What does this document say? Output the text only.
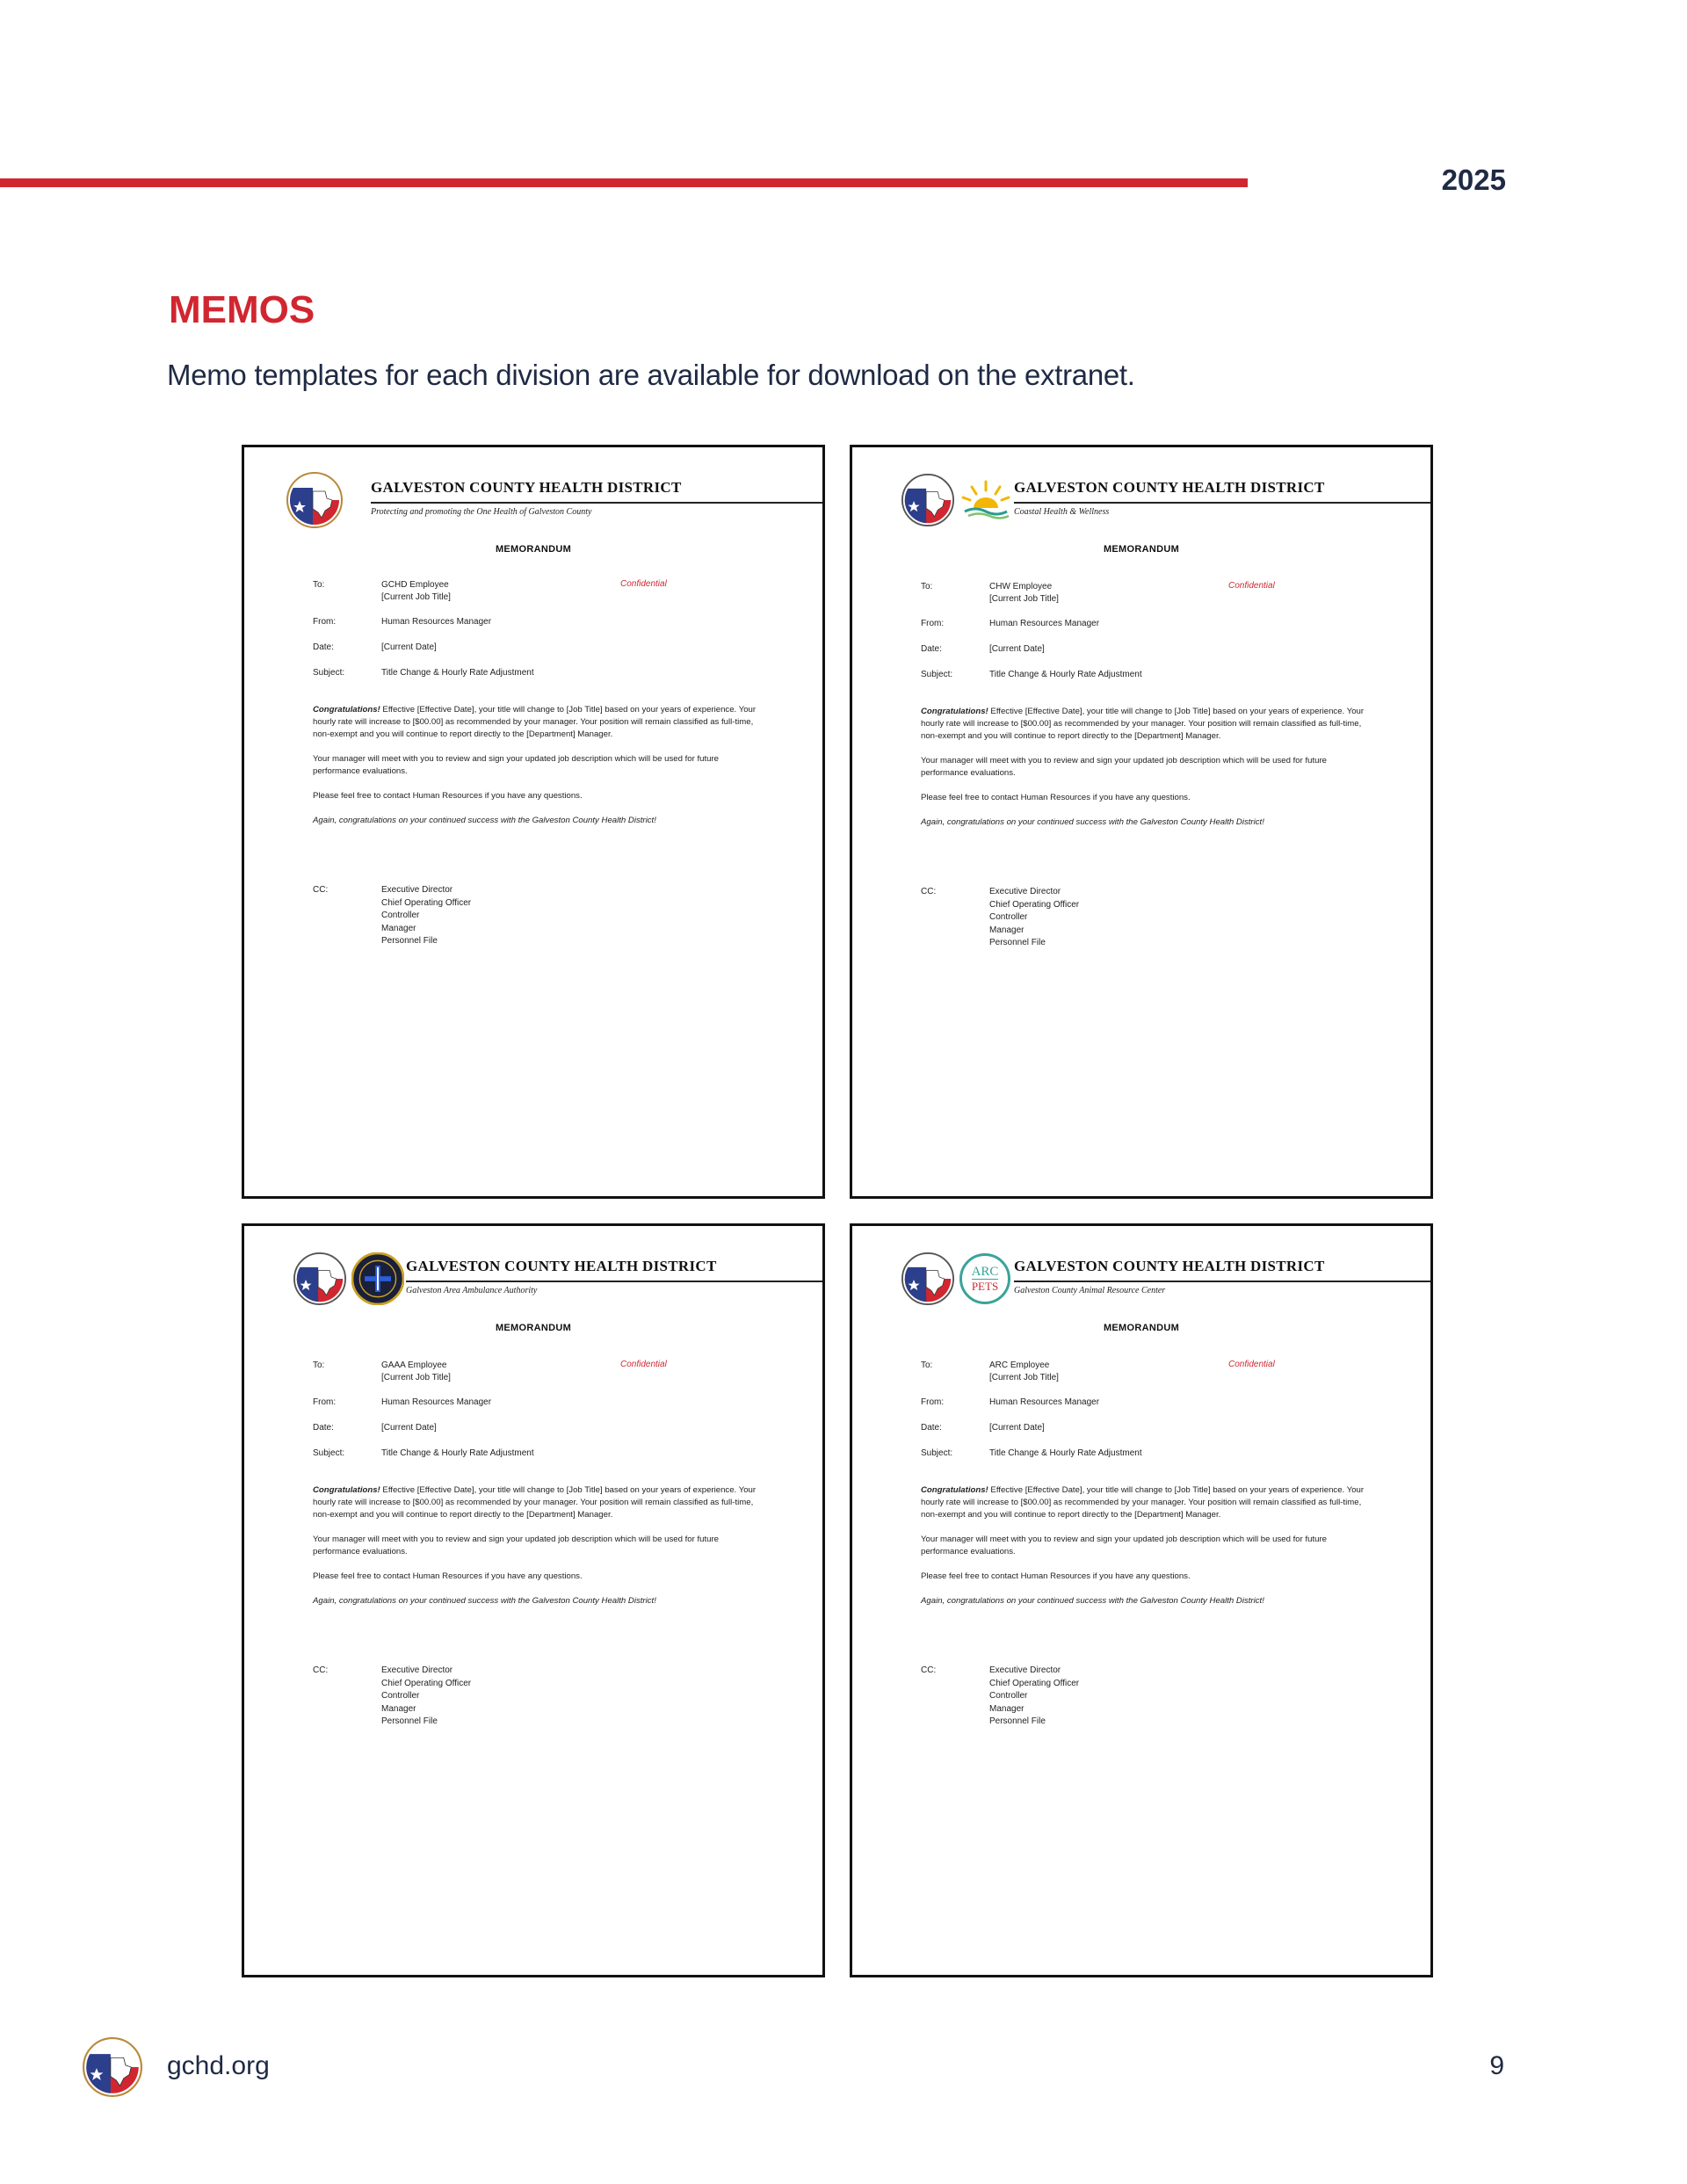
2025
MEMOS

Memo templates for each division are available for download on the extranet.

GALVESTON COUNTY HEALTH DISTRICT
Protecting and promoting the One Health of Galveston County
MEMORANDUM
To:	GCHD Employee
[Current Job Title]
Confidential
From:	Human Resources Manager
Date:	[Current Date]
Subject:	Title Change & Hourly Rate Adjustment

Congratulations! Effective [Effective Date], your title will change to [Job Title] based on your years of experience. Your hourly rate will increase to [$00.00] as recommended by your manager. Your position will remain classified as full-time, non-exempt and you will continue to report directly to the [Department] Manager.

Your manager will meet with you to review and sign your updated job description which will be used for future performance evaluations.

Please feel free to contact Human Resources if you have any questions.

Again, congratulations on your continued success with the Galveston County Health District!

CC:	Executive Director
Chief Operating Officer
Controller
Manager
Personnel File
GALVESTON COUNTY HEALTH DISTRICT
Coastal Health & Wellness
MEMORANDUM
To:	CHW Employee
[Current Job Title]
Confidential
From:	Human Resources Manager
Date:	[Current Date]
Subject:	Title Change & Hourly Rate Adjustment

Congratulations! Effective [Effective Date], your title will change to [Job Title] based on your years of experience. Your hourly rate will increase to [$00.00] as recommended by your manager. Your position will remain classified as full-time, non-exempt and you will continue to report directly to the [Department] Manager.

Your manager will meet with you to review and sign your updated job description which will be used for future performance evaluations.

Please feel free to contact Human Resources if you have any questions.

Again, congratulations on your continued success with the Galveston County Health District!

CC:	Executive Director
Chief Operating Officer
Controller
Manager
Personnel File
GALVESTON COUNTY HEALTH DISTRICT
Galveston Area Ambulance Authority
MEMORANDUM
To:	GAAA Employee
[Current Job Title]
Confidential
From:	Human Resources Manager
Date:	[Current Date]
Subject:	Title Change & Hourly Rate Adjustment

Congratulations! Effective [Effective Date], your title will change to [Job Title] based on your years of experience. Your hourly rate will increase to [$00.00] as recommended by your manager. Your position will remain classified as full-time, non-exempt and you will continue to report directly to the [Department] Manager.

Your manager will meet with you to review and sign your updated job description which will be used for future performance evaluations.

Please feel free to contact Human Resources if you have any questions.

Again, congratulations on your continued success with the Galveston County Health District!

CC:	Executive Director
Chief Operating Officer
Controller
Manager
Personnel File
ARC
PETS
GALVESTON COUNTY HEALTH DISTRICT
Galveston County Animal Resource Center
MEMORANDUM
To:	ARC Employee
[Current Job Title]
Confidential
From:	Human Resources Manager
Date:	[Current Date]
Subject:	Title Change & Hourly Rate Adjustment

Congratulations! Effective [Effective Date], your title will change to [Job Title] based on your years of experience. Your hourly rate will increase to [$00.00] as recommended by your manager. Your position will remain classified as full-time, non-exempt and you will continue to report directly to the [Department] Manager.

Your manager will meet with you to review and sign your updated job description which will be used for future performance evaluations.

Please feel free to contact Human Resources if you have any questions.

Again, congratulations on your continued success with the Galveston County Health District!

CC:	Executive Director
Chief Operating Officer
Controller
Manager
Personnel File
gchd.org	9
